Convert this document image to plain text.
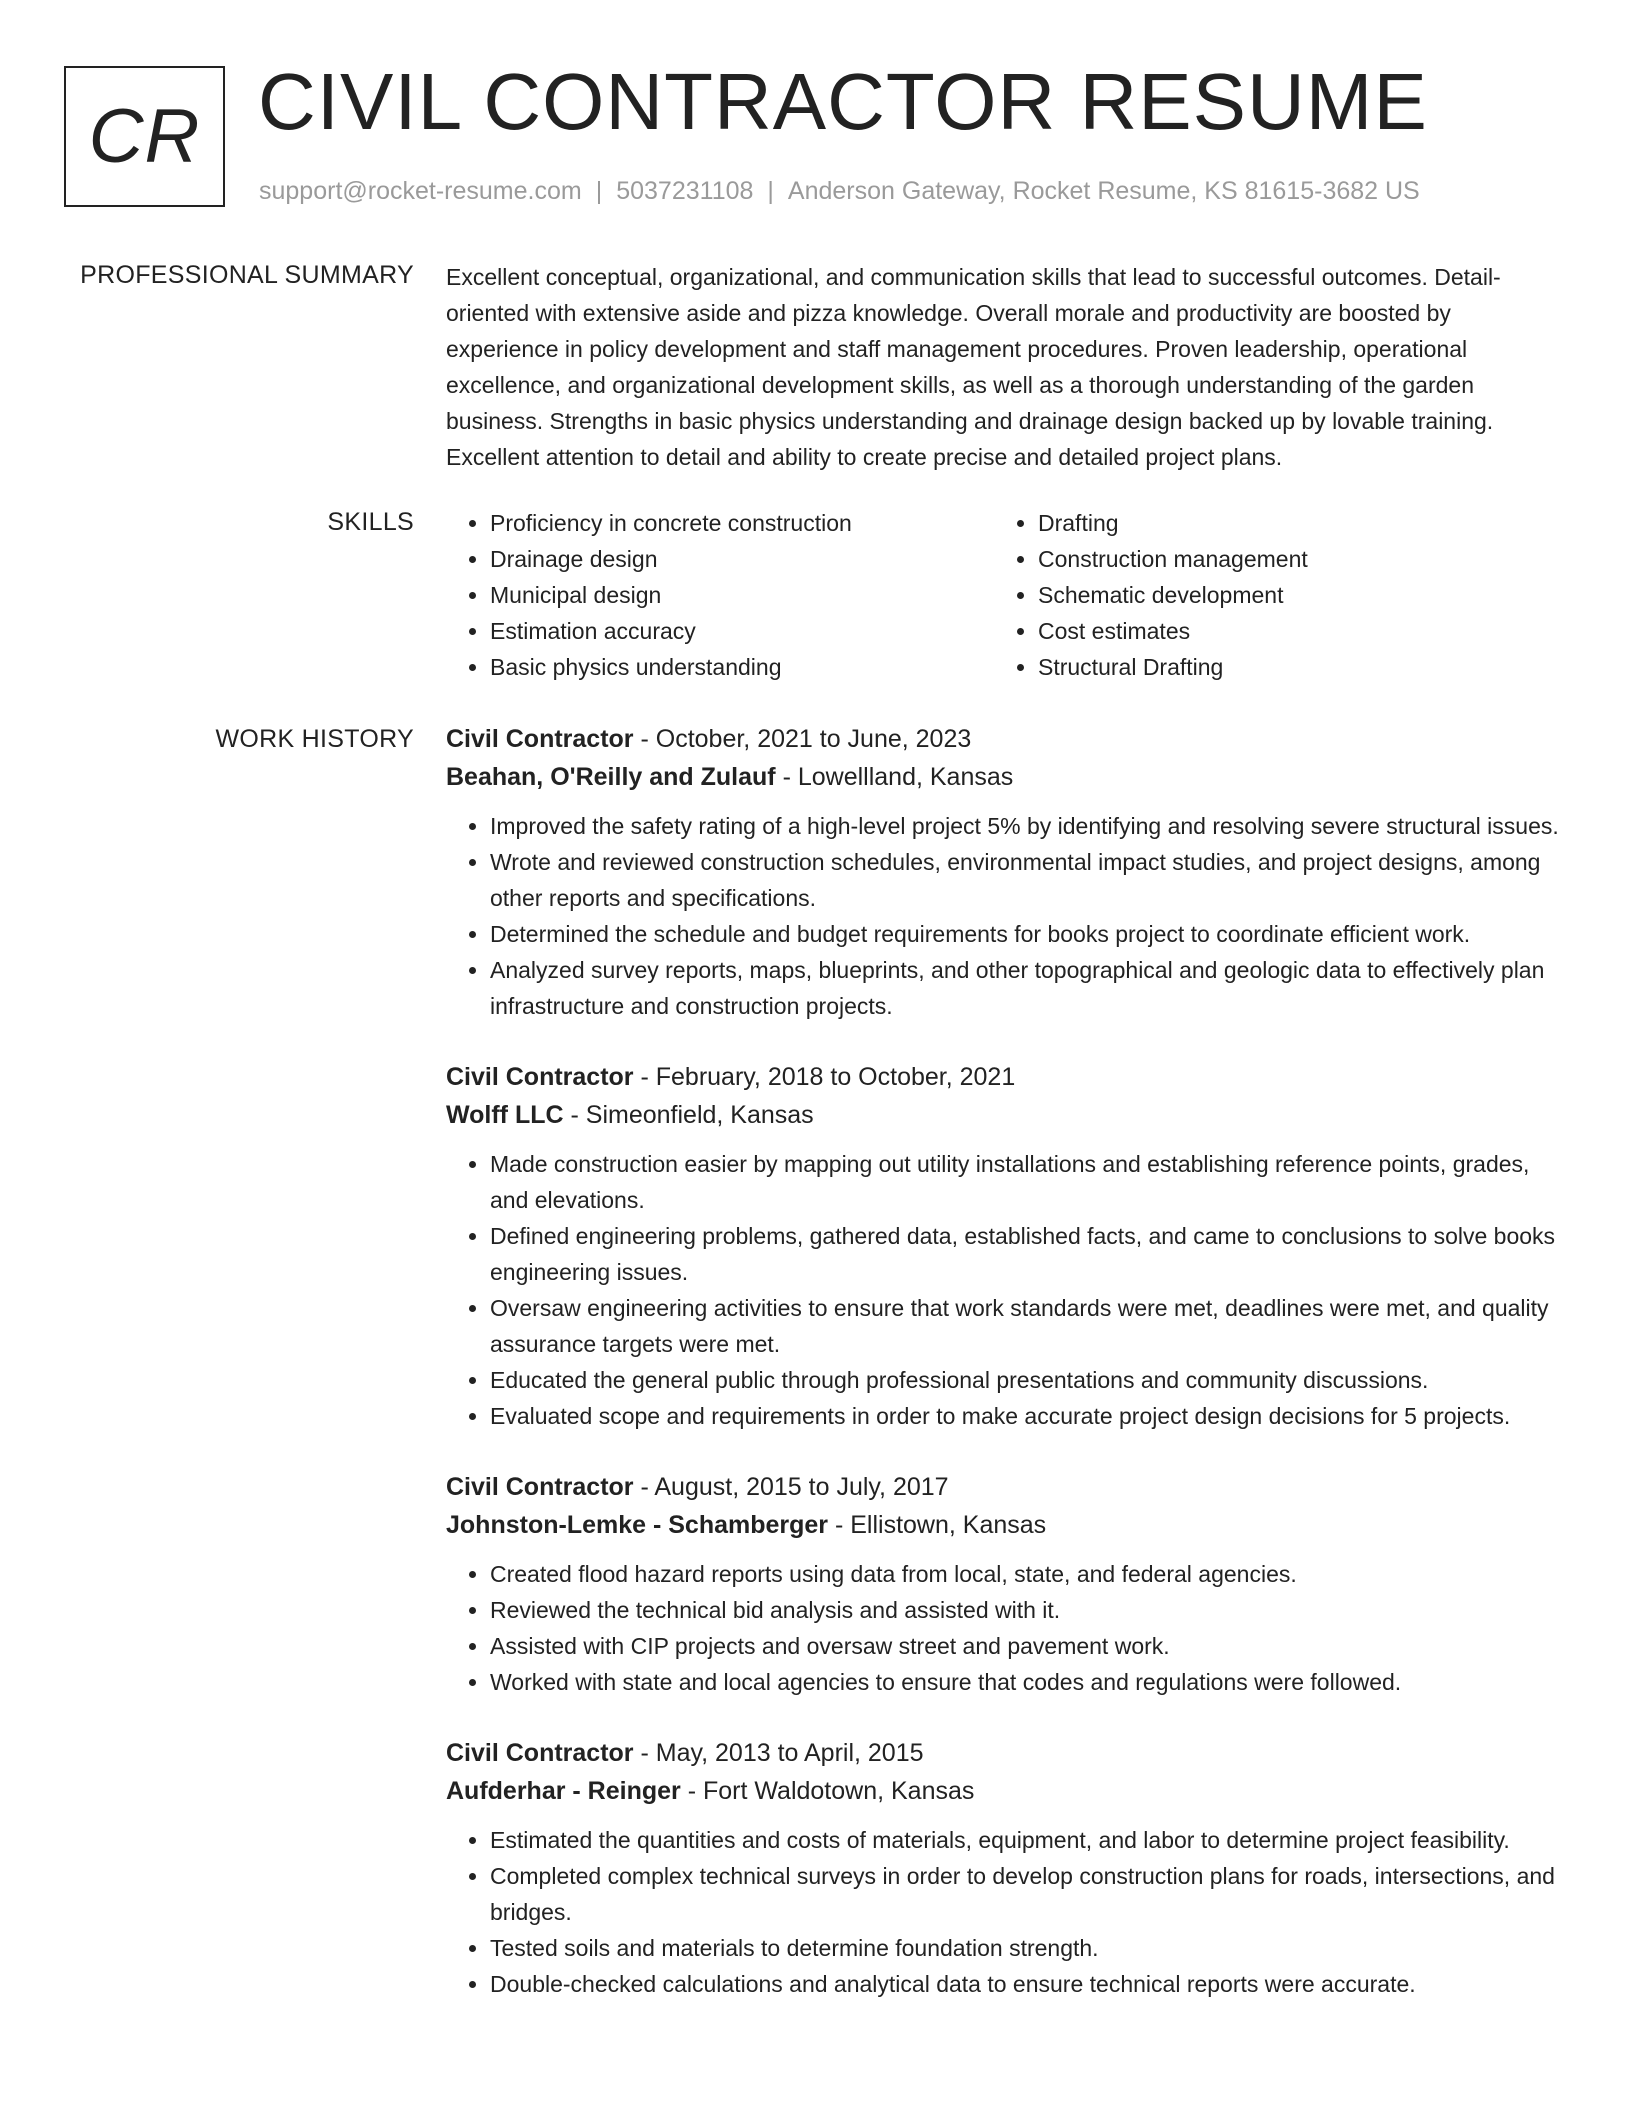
CR CIVIL CONTRACTOR RESUME
support@rocket-resume.com | 5037231108 | Anderson Gateway, Rocket Resume, KS 81615-3682 US
PROFESSIONAL SUMMARY Excellent conceptual, organizational, and communication skills that lead to successful outcomes. Detail-oriented with extensive aside and pizza knowledge. Overall morale and productivity are boosted by experience in policy development and staff management procedures. Proven leadership, operational excellence, and organizational development skills, as well as a thorough understanding of the garden business. Strengths in basic physics understanding and drainage design backed up by lovable training. Excellent attention to detail and ability to create precise and detailed project plans.

SKILLS
•	Proficiency in concrete construction
• Drainage design
• Municipal design
• Estimation accuracy
• Basic physics understanding
• Drafting
• Construction management
• Schematic development
• Cost estimates
• Structural Drafting
WORK HISTORY Civil Contractor - October, 2021 to June, 2023
Beahan, O'Reilly and Zulauf - Lowellland, Kansas
• Improved the safety rating of a high-level project 5% by identifying and resolving severe structural issues.
• Wrote and reviewed construction schedules, environmental impact studies, and project designs, among other reports and specifications.
• Determined the schedule and budget requirements for books project to coordinate efficient work.
• Analyzed survey reports, maps, blueprints, and other topographical and geologic data to effectively plan infrastructure and construction projects.
Civil Contractor - February, 2018 to October, 2021
Wolff LLC - Simeonfield, Kansas
• Made construction easier by mapping out utility installations and establishing reference points, grades, and elevations.
• Defined engineering problems, gathered data, established facts, and came to conclusions to solve books engineering issues.
• Oversaw engineering activities to ensure that work standards were met, deadlines were met, and quality assurance targets were met.
• Educated the general public through professional presentations and community discussions.
• Evaluated scope and requirements in order to make accurate project design decisions for 5 projects.
Civil Contractor - August, 2015 to July, 2017
Johnston-Lemke - Schamberger - Ellistown, Kansas
• Created flood hazard reports using data from local, state, and federal agencies.
• Reviewed the technical bid analysis and assisted with it.
• Assisted with CIP projects and oversaw street and pavement work.
• Worked with state and local agencies to ensure that codes and regulations were followed.
Civil Contractor - May, 2013 to April, 2015
Aufderhar - Reinger - Fort Waldotown, Kansas
• Estimated the quantities and costs of materials, equipment, and labor to determine project feasibility.
• Completed complex technical surveys in order to develop construction plans for roads, intersections, and bridges.
• Tested soils and materials to determine foundation strength.
• Double-checked calculations and analytical data to ensure technical reports were accurate.
